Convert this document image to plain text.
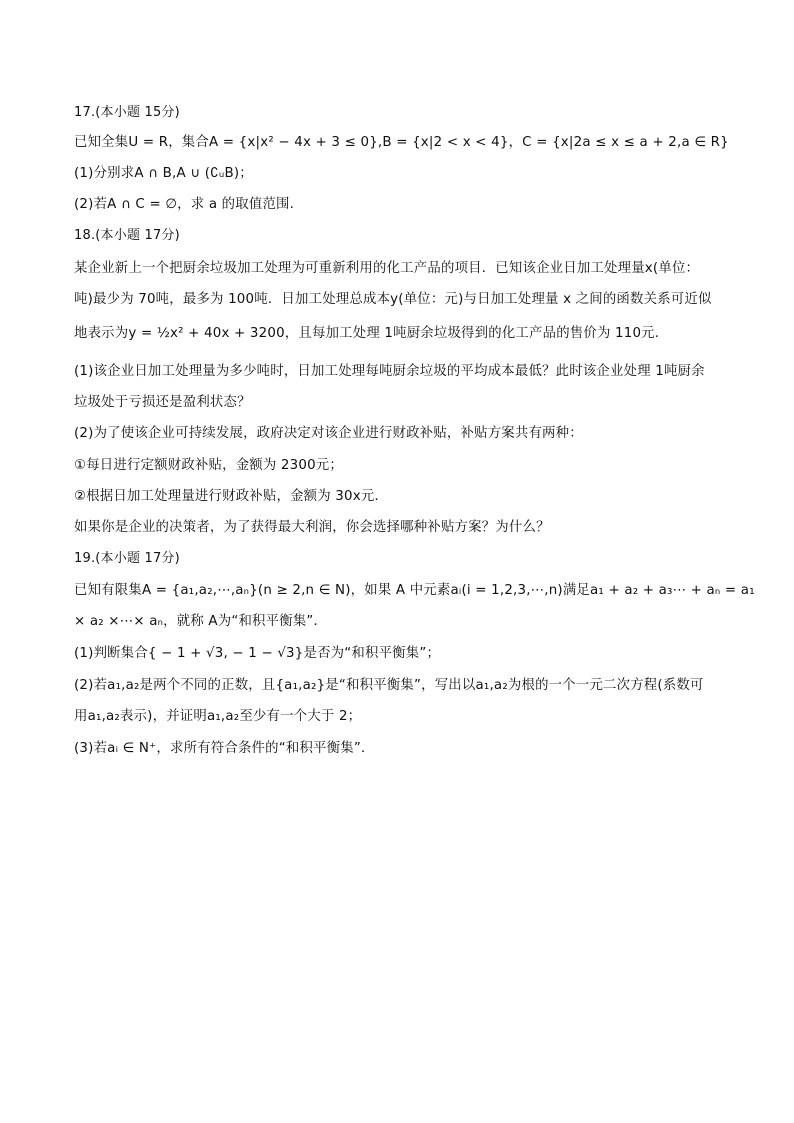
17.(本小题 15分)
已知全集U = R，集合A = {x|x² − 4x + 3 ≤ 0},B = {x|2 < x < 4}，C = {x|2a ≤ x ≤ a + 2,a ∈ R}
(1)分别求A ∩ B,A ∪ (∁ᵤB)；
(2)若A ∩ C = ∅，求 a 的取值范围.
18.(本小题 17分)
某企业新上一个把厨余垃圾加工处理为可重新利用的化工产品的项目．已知该企业日加工处理量x(单位：
吨)最少为 70吨，最多为 100吨．日加工处理总成本y(单位：元)与日加工处理量 x 之间的函数关系可近似
地表示为y = ½x² + 40x + 3200，且每加工处理 1吨厨余垃圾得到的化工产品的售价为 110元．
(1)该企业日加工处理量为多少吨时，日加工处理每吨厨余垃圾的平均成本最低？此时该企业处理 1吨厨余
垃圾处于亏损还是盈利状态？
(2)为了使该企业可持续发展，政府决定对该企业进行财政补贴，补贴方案共有两种：
①每日进行定额财政补贴，金额为 2300元；
②根据日加工处理量进行财政补贴，金额为 30x元．
如果你是企业的决策者，为了获得最大利润，你会选择哪种补贴方案？为什么？
19.(本小题 17分)
已知有限集A = {a₁,a₂,⋯,aₙ}(n ≥ 2,n ∈ N)，如果 A 中元素aᵢ(i = 1,2,3,⋯,n)满足a₁ + a₂ + a₃⋯ + aₙ = a₁
× a₂ ×⋯× aₙ，就称 A为“和积平衡集”．
(1)判断集合{ − 1 + √3, − 1 − √3}是否为“和积平衡集”；
(2)若a₁,a₂是两个不同的正数，且{a₁,a₂}是“和积平衡集”，写出以a₁,a₂为根的一个一元二次方程(系数可
用a₁,a₂表示)，并证明a₁,a₂至少有一个大于 2；
(3)若aᵢ ∈ N⁺，求所有符合条件的“和积平衡集”．
